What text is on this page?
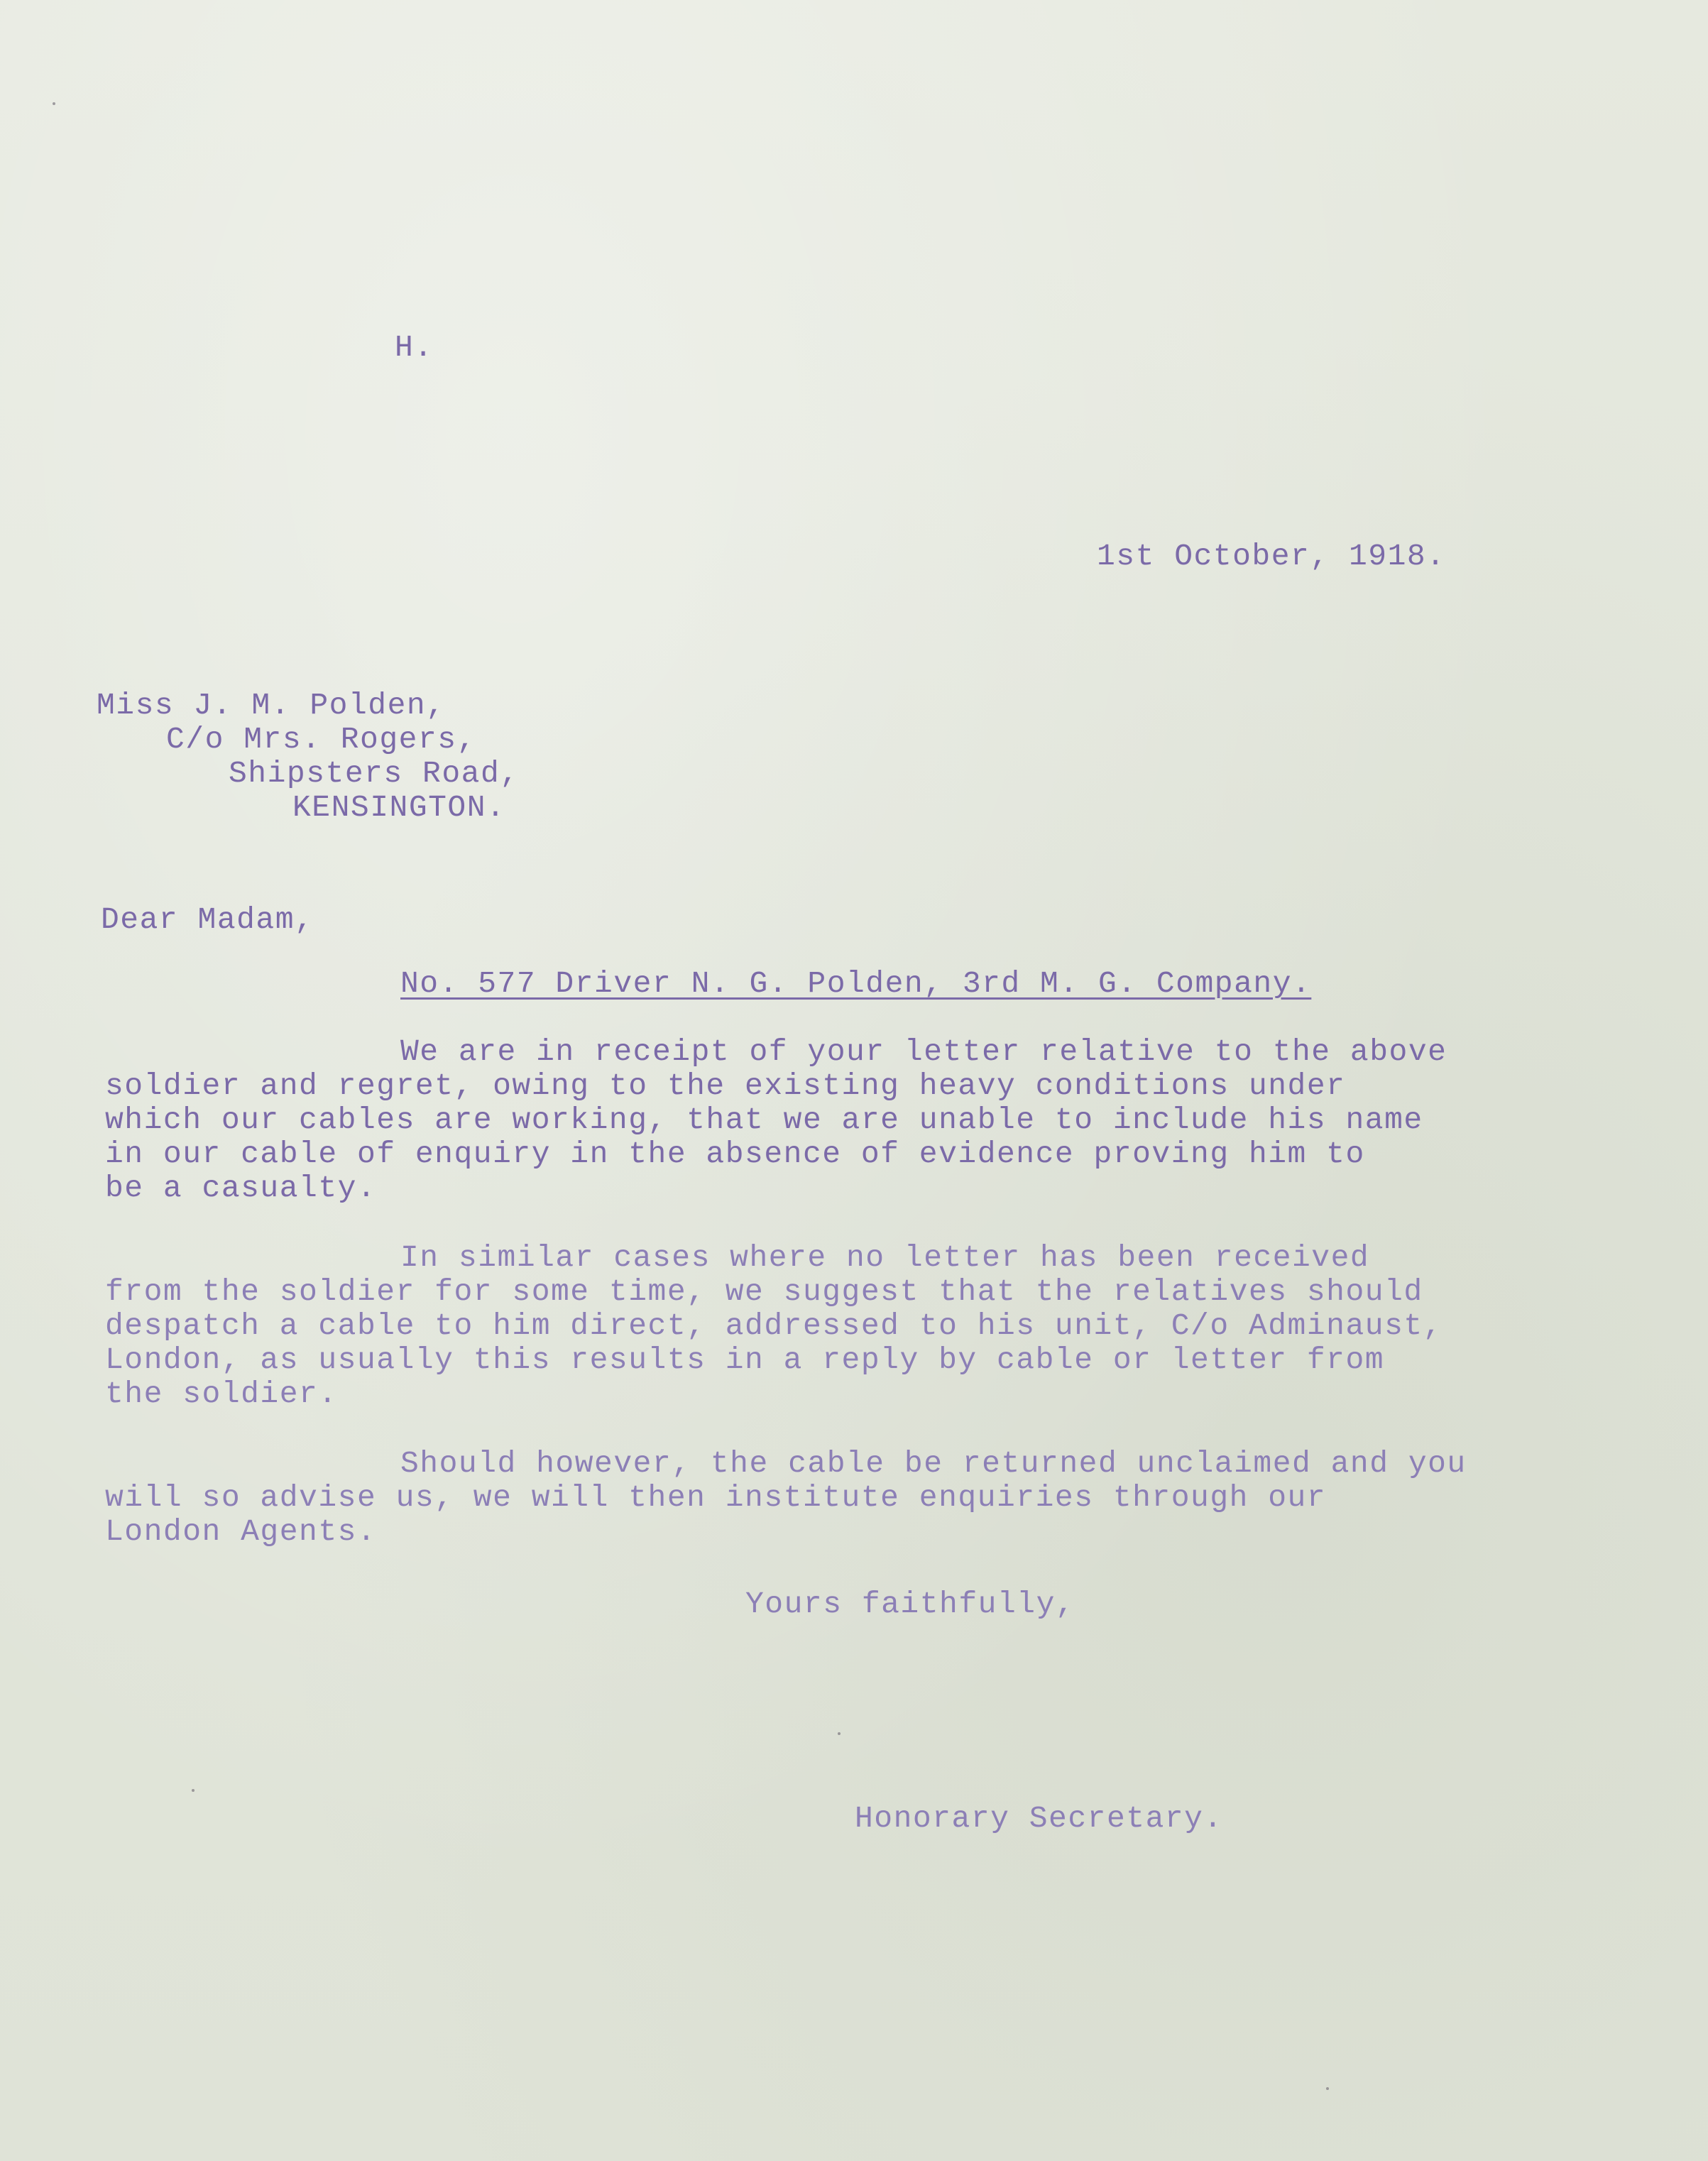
H.
1st October, 1918.
Miss J. M. Polden,
C/o Mrs. Rogers,
Shipsters Road,
KENSINGTON.
Dear Madam,
No. 577 Driver N. G. Polden, 3rd M. G. Company.
We are in receipt of your letter relative to the above
soldier and regret, owing to the existing heavy conditions under
which our cables are working, that we are unable to include his name
in our cable of enquiry in the absence of evidence proving him to
be a casualty.
In similar cases where no letter has been received
from the soldier for some time, we suggest that the relatives should
despatch a cable to him direct, addressed to his unit, C/o Adminaust,
London, as usually this results in a reply by cable or letter from
the soldier.
Should however, the cable be returned unclaimed and you
will so advise us, we will then institute enquiries through our
London Agents.
Yours faithfully,
Honorary Secretary.
